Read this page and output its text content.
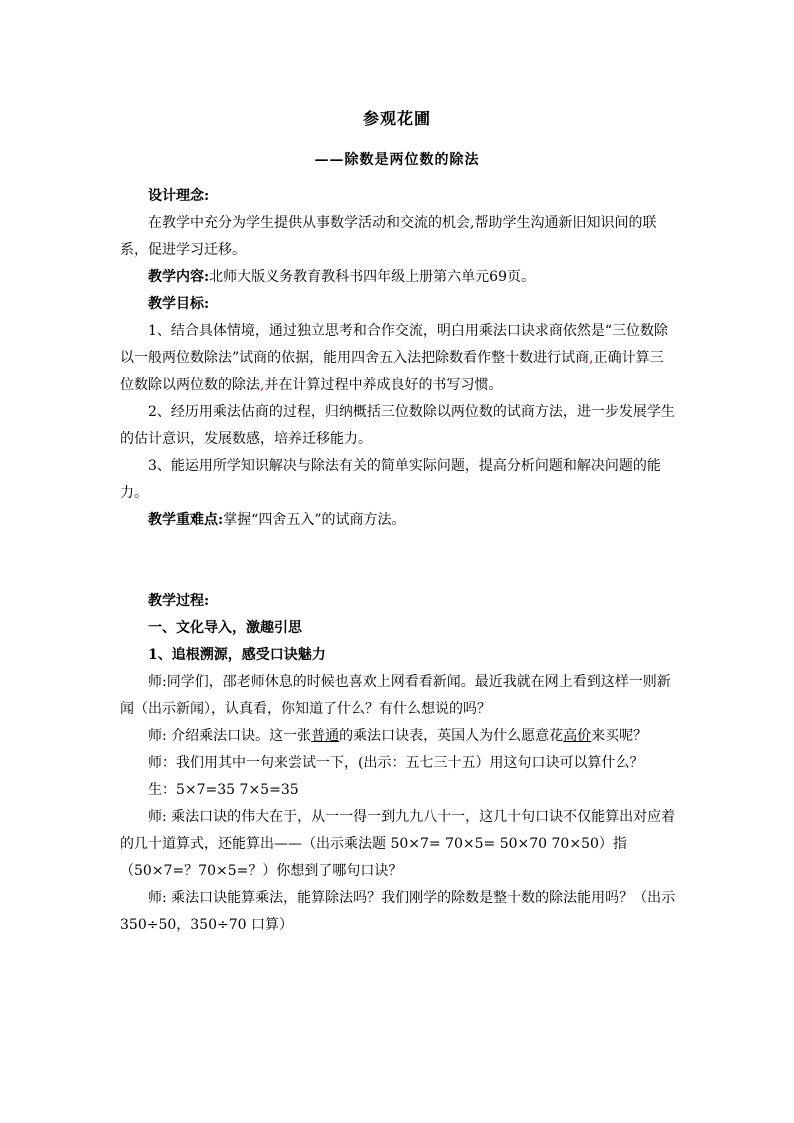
参观花圃
——除数是两位数的除法

设计理念:

在教学中充分为学生提供从事数学活动和交流的机会,帮助学生沟通新旧知识间的联系，促进学习迁移。

教学内容:北师大版义务教育教科书四年级上册第六单元69页。

教学目标:

1、结合具体情境，通过独立思考和合作交流，明白用乘法口诀求商依然是“三位数除以一般两位数除法”试商的依据，能用四舍五入法把除数看作整十数进行试商,正确计算三位数除以两位数的除法,并在计算过程中养成良好的书写习惯。

2、经历用乘法估商的过程，归纳概括三位数除以两位数的试商方法，进一步发展学生的估计意识，发展数感，培养迁移能力。

3、能运用所学知识解决与除法有关的简单实际问题，提高分析问题和解决问题的能力。

教学重难点:掌握“四舍五入”的试商方法。

教学过程:

一、文化导入，激趣引思

1、追根溯源，感受口诀魅力

师:同学们，邵老师休息的时候也喜欢上网看看新闻。最近我就在网上看到这样一则新闻（出示新闻），认真看，你知道了什么？有什么想说的吗？

师: 介绍乘法口诀。这一张普通的乘法口诀表，英国人为什么愿意花高价来买呢？

师：我们用其中一句来尝试一下，(出示：五七三十五）用这句口诀可以算什么？

生：5×7=35 7×5=35

师: 乘法口诀的伟大在于，从一一得一到九九八十一，这几十句口诀不仅能算出对应着的几十道算式，还能算出——（出示乘法题 50×7= 70×5= 50×70 70×50）指（50×7=？70×5=？）你想到了哪句口诀？

师: 乘法口诀能算乘法，能算除法吗？我们刚学的除数是整十数的除法能用吗？（出示 350÷50，350÷70 口算）
